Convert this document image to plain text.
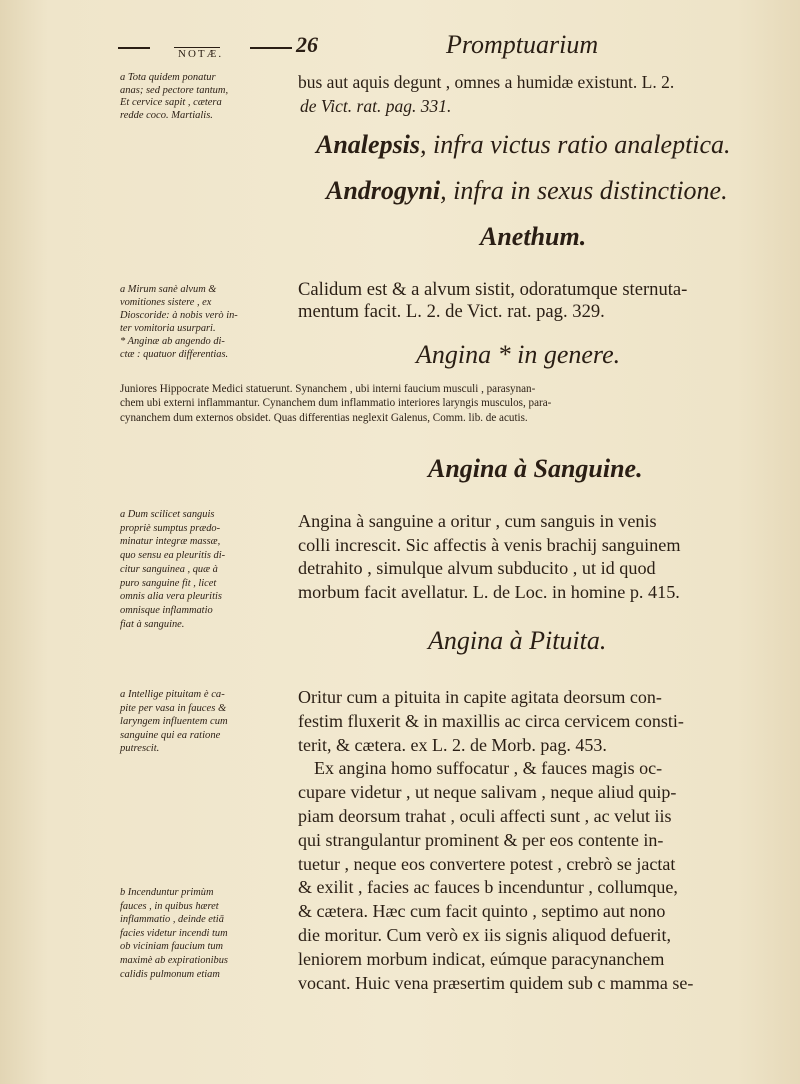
NOTÆ.	26	Promptuarium
a Tota quidem ponatur
anas; sed pectore tantum,
Et cervice sapit , cætera
redde coco. Martialis.
bus aut aquis degunt , omnes a humidæ existunt. L. 2.
de Vict. rat. pag. 331.
Analepsis, infra victus ratio analeptica.
Androgyni, infra in sexus distinctione.
Anethum.
a Mirum sanè alvum &
vomitiones sistere , ex
Dioscoride: à nobis verò in-
ter vomitoria usurpari.
* Anginæ ab angendo di-
ctæ : quatuor differentias.
Calidum est & a alvum sistit, odoratumque sternuta-
mentum facit. L. 2. de Vict. rat. pag. 329.
Angina * in genere.
Juniores Hippocrate Medici statuerunt. Synanchem , ubi interni faucium musculi , parasynan-
chem ubi externi inflammantur. Cynanchem dum inflammatio interiores laryngis musculos, para-
cynanchem dum externos obsidet. Quas differentias neglexit Galenus, Comm. lib. de acutis.
Angina à Sanguine.
a Dum scilicet sanguis
propriè sumptus prædo-
minatur integræ massæ,
quo sensu ea pleuritis di-
citur sanguinea , quæ à
puro sanguine fit , licet
omnis alia vera pleuritis
omnisque inflammatio
fiat à sanguine.
Angina à sanguine a oritur , cum sanguis in venis
colli increscit. Sic affectis à venis brachij sanguinem
detrahito , simulque alvum subducito , ut id quod
morbum facit avellatur. L. de Loc. in homine p. 415.
Angina à Pituita.
a Intellige pituitam è ca-
pite per vasa in fauces &
laryngem influentem cum
sanguine qui ea ratione
putrescit.
Oritur cum a pituita in capite agitata deorsum con-
festim fluxerit & in maxillis ac circa cervicem consti-
terit, & cætera. ex L. 2. de Morb. pag. 453.
Ex angina homo suffocatur , & fauces magis oc-
cupare videtur , ut neque salivam , neque aliud quip-
piam deorsum trahat , oculi affecti sunt , ac velut iis
qui strangulantur prominent & per eos contente in-
tuetur , neque eos convertere potest , crebrò se jactat
& exilit , facies ac fauces b incenduntur , collumque,
& cætera. Hæc cum facit quinto , septimo aut nono
die moritur. Cum verò ex iis signis aliquod defuerit,
leniorem morbum indicat, eúmque paracynanchem
vocant. Huic vena præsertim quidem sub c mamma se-
b Incenduntur primùm
fauces , in quibus hæret
inflammatio , deinde etiā
facies videtur incendi tum
ob viciniam faucium tum
maximè ab expirationibus
calidis pulmonum etiam
